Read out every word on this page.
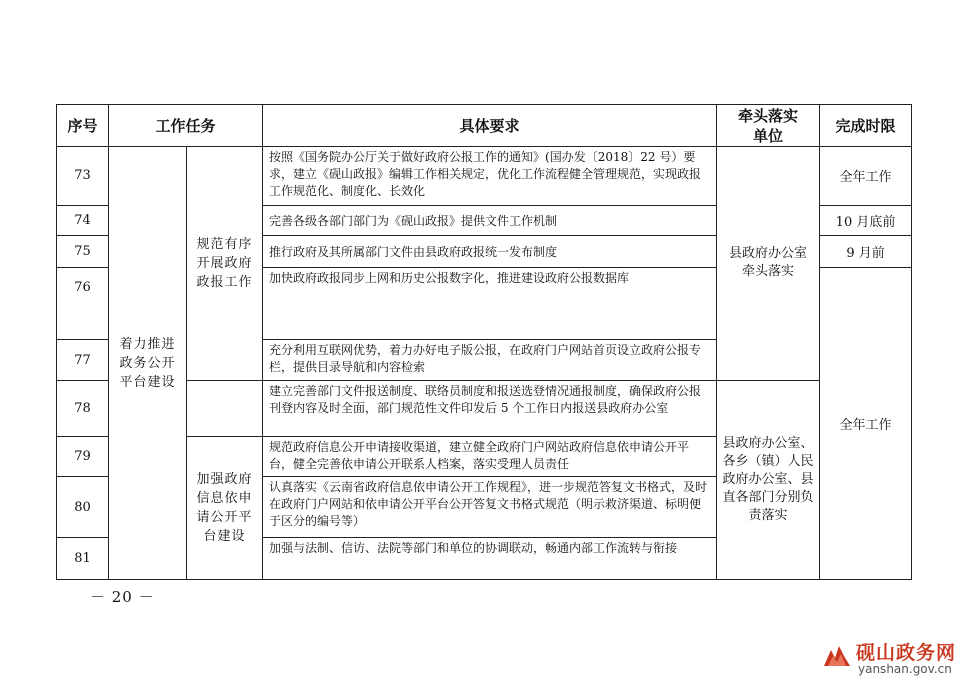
序号	工作任务		具体要求	牵头落实单位	完成时限
73	着力推进政务公开平台建设	规范有序开展政府政报工作	按照《国务院办公厅关于做好政府公报工作的通知》(国办发〔2018〕22 号）要求，建立《砚山政报》编辑工作相关规定，优化工作流程健全管理规范，实现政报工作规范化、制度化、长效化	县政府办公室牵头落实	全年工作
74			完善各级各部门部门为《砚山政报》提供文件工作机制		10 月底前
75			推行政府及其所属部门文件由县政府政报统一发布制度		9 月前
76			加快政府政报同步上网和历史公报数字化，推进建设政府公报数据库		全年工作
77			充分利用互联网优势，着力办好电子版公报，在政府门户网站首页设立政府公报专栏，提供目录导航和内容检索		
78			建立完善部门文件报送制度、联络员制度和报送选登情况通报制度，确保政府公报刊登内容及时全面，部门规范性文件印发后 5 个工作日内报送县政府办公室	县政府办公室、各乡（镇）人民政府办公室、县直各部门分别负责落实	
79		加强政府信息依申请公开平台建设	规范政府信息公开申请接收渠道，建立健全政府门户网站政府信息依申请公开平台，健全完善依申请公开联系人档案，落实受理人员责任		
80			认真落实《云南省政府信息依申请公开工作规程》，进一步规范答复文书格式，及时在政府门户网站和依申请公开平台公开答复文书格式规范（明示救济渠道、标明便于区分的编号等）		
81			加强与法制、信访、法院等部门和单位的协调联动，畅通内部工作流转与衔接		
－ 20 －
砚山政务网
yanshan.gov.cn
